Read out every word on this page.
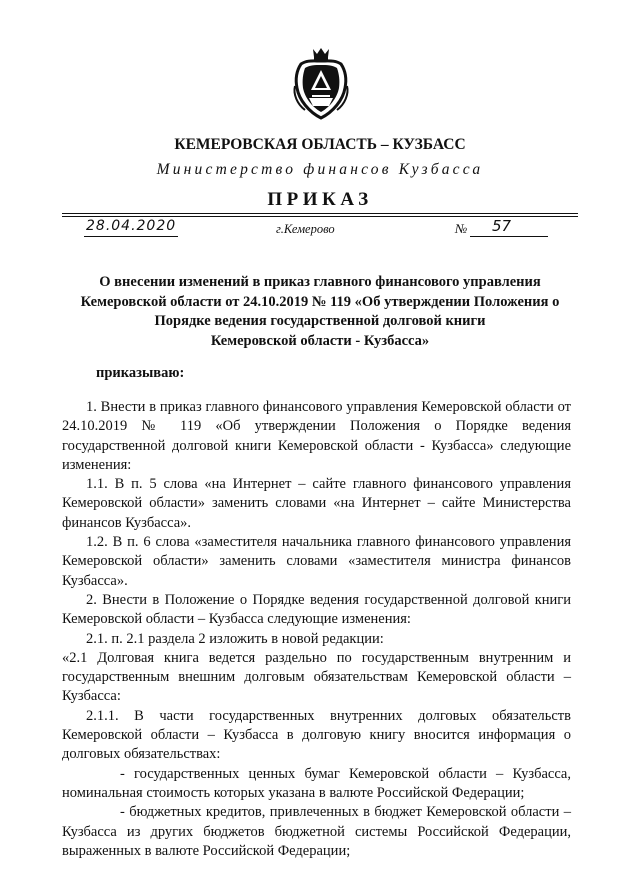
КЕМЕРОВСКАЯ ОБЛАСТЬ – КУЗБАСС
Министерство финансов Кузбасса
ПРИКАЗ
28.04.2020	г.Кемерово	№ 57
О внесении изменений в приказ главного финансового управления
Кемеровской области от 24.10.2019 № 119 «Об утверждении Положения о
Порядке ведения государственной долговой книги
Кемеровской области - Кузбасса»
приказываю:

1. Внести в приказ главного финансового управления Кемеровской области от 24.10.2019 № 119 «Об утверждении Положения о Порядке ведения государственной долговой книги Кемеровской области - Кузбасса» следующие изменения:

1.1. В п. 5 слова «на Интернет – сайте главного финансового управления Кемеровской области» заменить словами «на Интернет – сайте Министерства финансов Кузбасса».

1.2. В п. 6 слова «заместителя начальника главного финансового управления Кемеровской области» заменить словами «заместителя министра финансов Кузбасса».

2. Внести в Положение о Порядке ведения государственной долговой книги Кемеровской области – Кузбасса следующие изменения:

2.1. п. 2.1 раздела 2 изложить в новой редакции:

«2.1 Долговая книга ведется раздельно по государственным внутренним и государственным внешним долговым обязательствам Кемеровской области – Кузбасса:

2.1.1. В части государственных внутренних долговых обязательств Кемеровской области – Кузбасса в долговую книгу вносится информация о долговых обязательствах:

- государственных ценных бумаг Кемеровской области – Кузбасса, номинальная стоимость которых указана в валюте Российской Федерации;

- бюджетных кредитов, привлеченных в бюджет Кемеровской области – Кузбасса из других бюджетов бюджетной системы Российской Федерации, выраженных в валюте Российской Федерации;
